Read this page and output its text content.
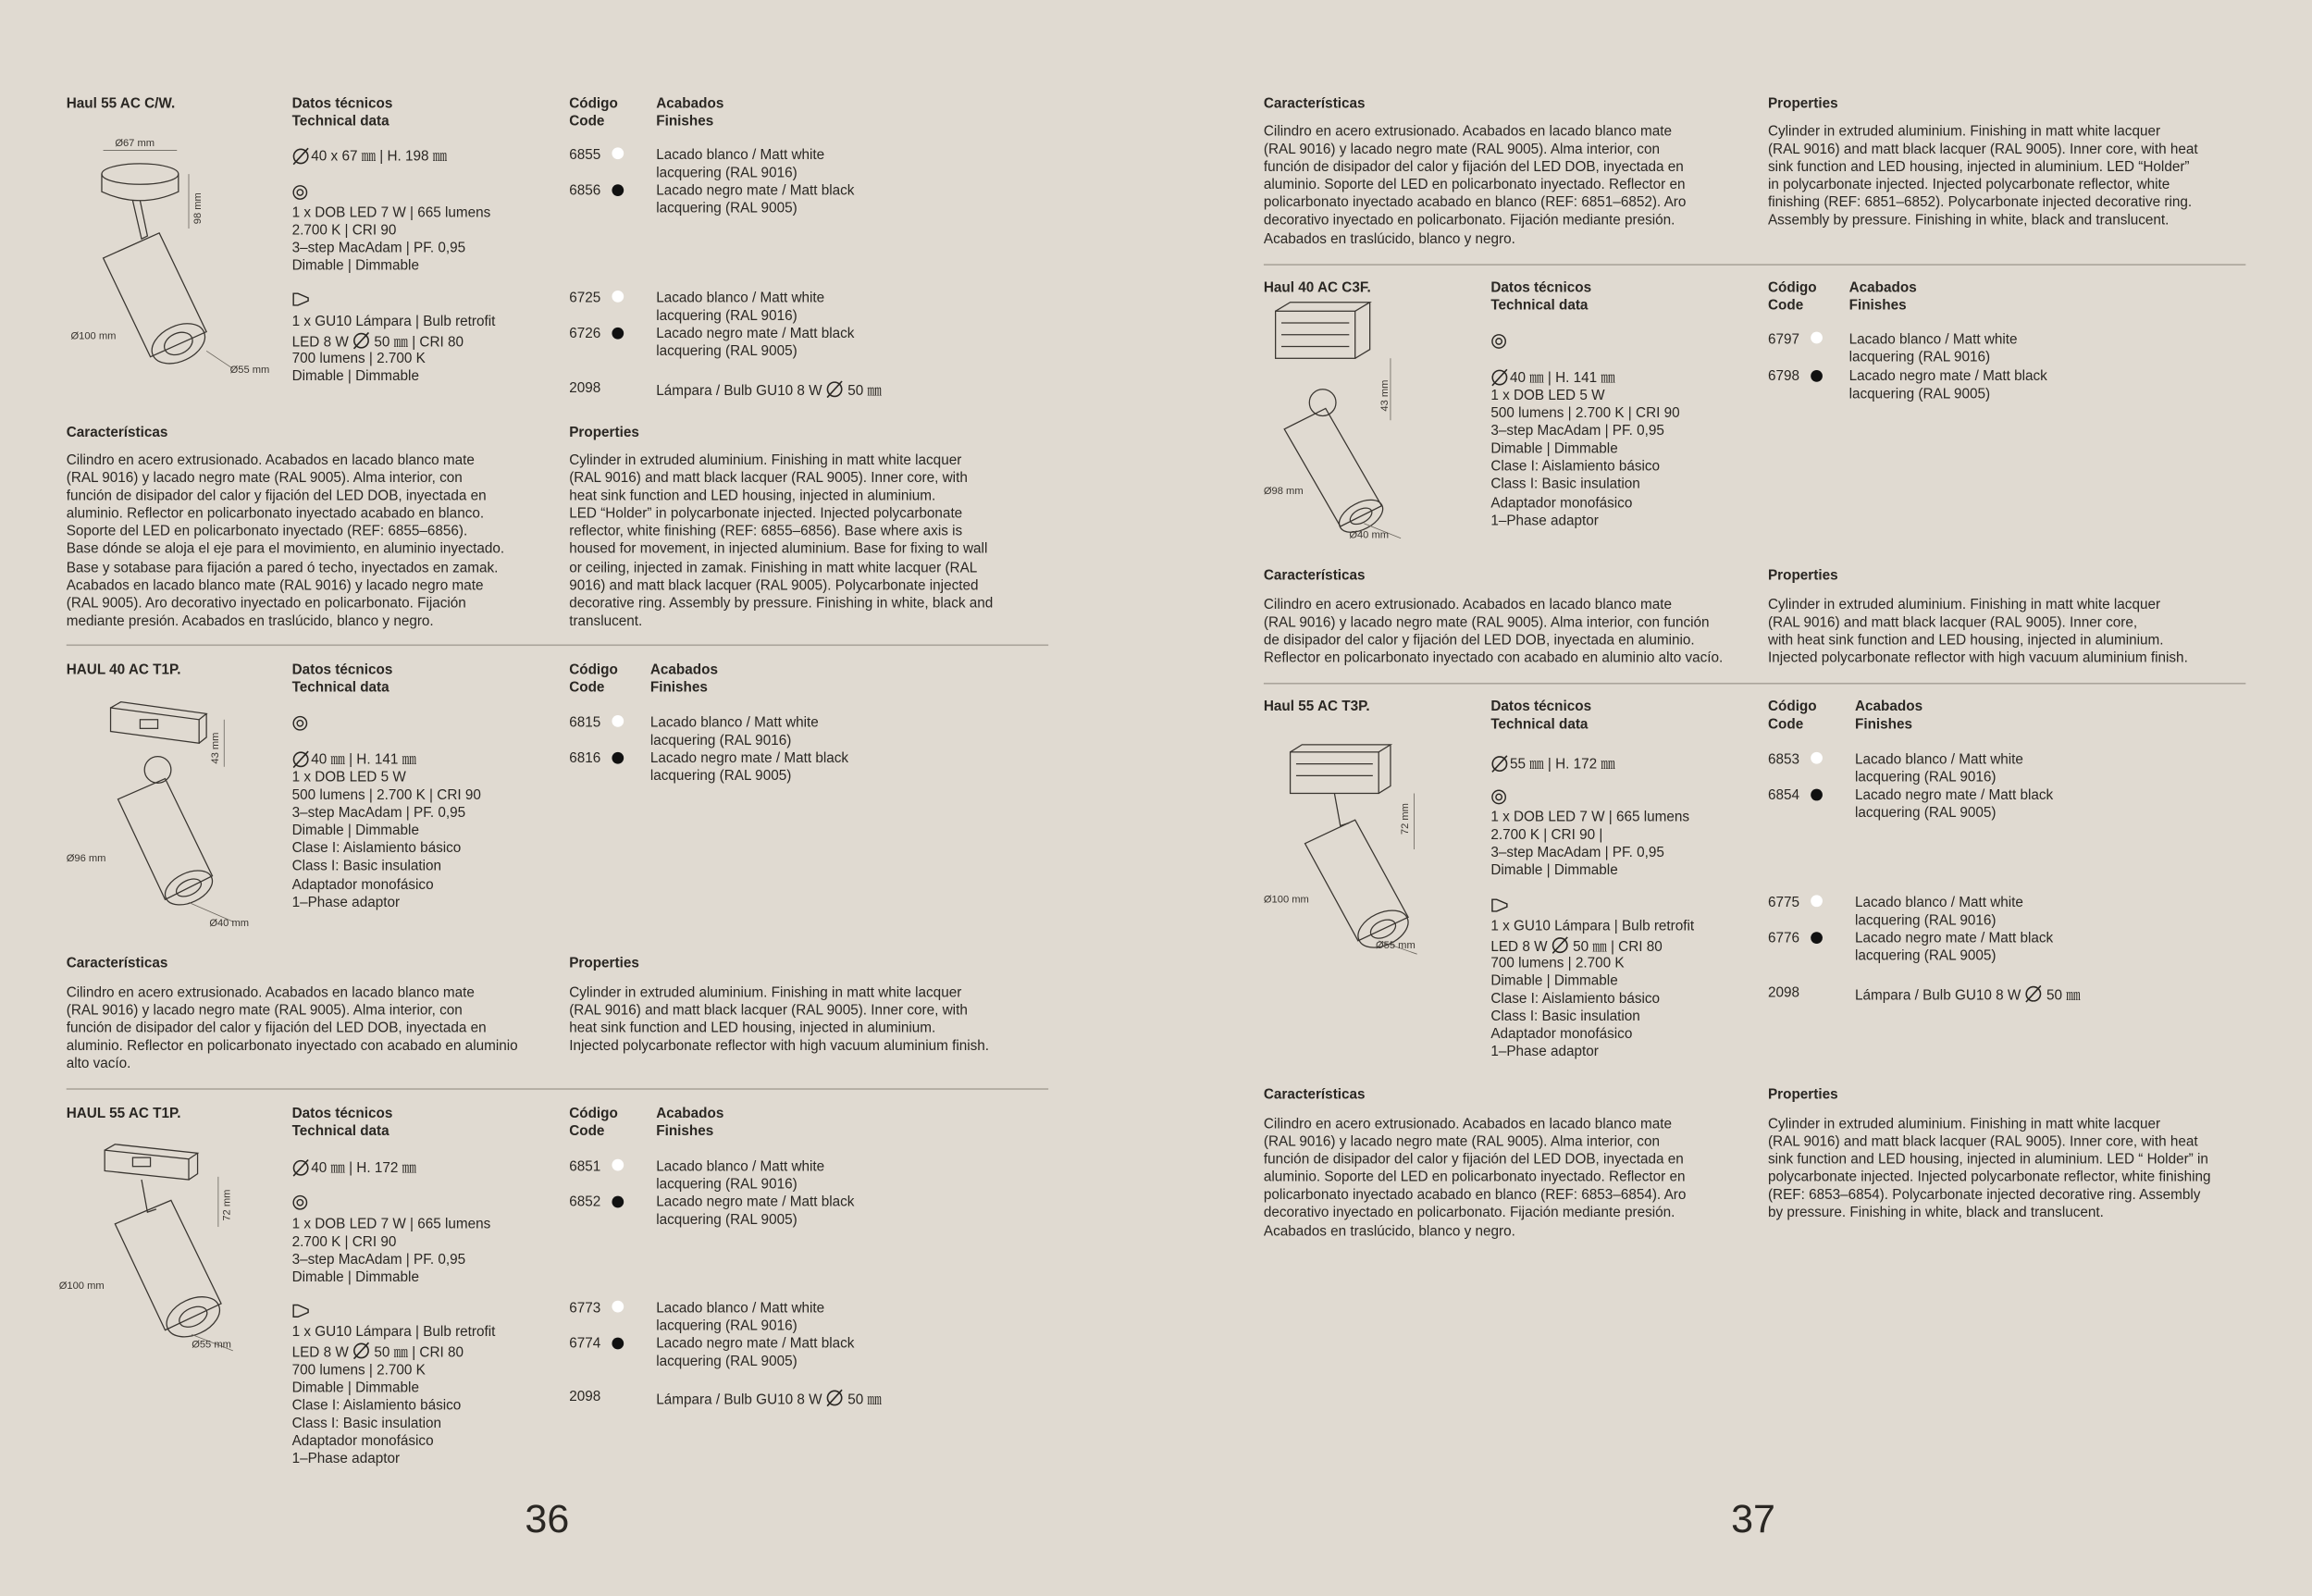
Haul 55 AC C/W.	Datos técnicos
Technical data
Código
Code
Acabados
Finishes
Ø67 mm
98 mm
Ø100 mm
Ø55 mm
40 x 67 ㎜ | H. 198 ㎜
1 x DOB LED 7 W | 665 lumens
2.700 K | CRI 90
3–step MacAdam | PF. 0,95
Dimable | Dimmable
1 x GU10 Lámpara | Bulb retrofit
LED 8 W	50 ㎜ | CRI 80
700 lumens | 2.700 K
Dimable | Dimmable
6855	Lacado blanco / Matt white
lacquering (RAL 9016)
6856	Lacado negro mate / Matt black
lacquering (RAL 9005)
6725	Lacado blanco / Matt white
lacquering (RAL 9016)
6726	Lacado negro mate / Matt black
lacquering (RAL 9005)
2098	Lámpara / Bulb GU10 8 W	50 ㎜
Características	Properties
Cilindro en acero extrusionado. Acabados en lacado blanco mate
(RAL 9016) y lacado negro mate (RAL 9005). Alma interior, con
función de disipador del calor y fijación del LED DOB, inyectada en
aluminio. Reflector en policarbonato inyectado acabado en blanco.
Soporte del LED en policarbonato inyectado (REF: 6855–6856).
Base dónde se aloja el eje para el movimiento, en aluminio inyectado.
Base y sotabase para fijación a pared ó techo, inyectados en zamak.
Acabados en lacado blanco mate (RAL 9016) y lacado negro mate
(RAL 9005). Aro decorativo inyectado en policarbonato. Fijación
mediante presión. Acabados en traslúcido, blanco y negro.
Cylinder in extruded aluminium. Finishing in matt white lacquer
(RAL 9016) and matt black lacquer (RAL 9005). Inner core, with
heat sink function and LED housing, injected in aluminium.
LED “Holder” in polycarbonate injected. Injected polycarbonate
reflector, white finishing (REF: 6855–6856). Base where axis is
housed for movement, in injected aluminium. Base for fixing to wall
or ceiling, injected in zamak. Finishing in matt white lacquer (RAL
9016) and matt black lacquer (RAL 9005). Polycarbonate injected
decorative ring. Assembly by pressure. Finishing in white, black and
translucent.
HAUL 40 AC T1P.	Datos técnicos
Technical data
Código
Code
Acabados
Finishes
43 mm
Ø96 mm
Ø40 mm
40 ㎜ | H. 141 ㎜
1 x DOB LED 5 W
500 lumens | 2.700 K | CRI 90
3–step MacAdam | PF. 0,95
Dimable | Dimmable
Clase I: Aislamiento básico
Class I: Basic insulation
Adaptador monofásico
1–Phase adaptor
6815	Lacado blanco / Matt white
lacquering (RAL 9016)
6816	Lacado negro mate / Matt black
lacquering (RAL 9005)
Características	Properties
Cilindro en acero extrusionado. Acabados en lacado blanco mate
(RAL 9016) y lacado negro mate (RAL 9005). Alma interior, con
función de disipador del calor y fijación del LED DOB, inyectada en
aluminio. Reflector en policarbonato inyectado con acabado en aluminio
alto vacío.
Cylinder in extruded aluminium. Finishing in matt white lacquer
(RAL 9016) and matt black lacquer (RAL 9005). Inner core, with
heat sink function and LED housing, injected in aluminium.
Injected polycarbonate reflector with high vacuum aluminium finish.
HAUL 55 AC T1P.	Datos técnicos
Technical data
Código
Code
Acabados
Finishes
72 mm
Ø100 mm
Ø55 mm
40 ㎜ | H. 172 ㎜
1 x DOB LED 7 W | 665 lumens
2.700 K | CRI 90
3–step MacAdam | PF. 0,95
Dimable | Dimmable
1 x GU10 Lámpara | Bulb retrofit
LED 8 W	50 ㎜ | CRI 80
700 lumens | 2.700 K
Dimable | Dimmable
Clase I: Aislamiento básico
Class I: Basic insulation
Adaptador monofásico
1–Phase adaptor
6851	Lacado blanco / Matt white
lacquering (RAL 9016)
6852	Lacado negro mate / Matt black
lacquering (RAL 9005)
6773	Lacado blanco / Matt white
lacquering (RAL 9016)
6774	Lacado negro mate / Matt black
lacquering (RAL 9005)
2098	Lámpara / Bulb GU10 8 W	50 ㎜
36
Características	Properties
Cilindro en acero extrusionado. Acabados en lacado blanco mate
(RAL 9016) y lacado negro mate (RAL 9005). Alma interior, con
función de disipador del calor y fijación del LED DOB, inyectada en
aluminio. Soporte del LED en policarbonato inyectado. Reflector en
policarbonato inyectado acabado en blanco (REF: 6851–6852). Aro
decorativo inyectado en policarbonato. Fijación mediante presión.
Acabados en traslúcido, blanco y negro.
Cylinder in extruded aluminium. Finishing in matt white lacquer
(RAL 9016) and matt black lacquer (RAL 9005). Inner core, with heat
sink function and LED housing, injected in aluminium. LED “Holder”
in polycarbonate injected. Injected polycarbonate reflector, white
finishing (REF: 6851–6852). Polycarbonate injected decorative ring.
Assembly by pressure. Finishing in white, black and translucent.
Haul 40 AC C3F.	Datos técnicos
Technical data
Código
Code
Acabados
Finishes
43 mm
Ø98 mm
Ø40 mm
40 ㎜ | H. 141 ㎜
1 x DOB LED 5 W
500 lumens | 2.700 K | CRI 90
3–step MacAdam | PF. 0,95
Dimable | Dimmable
Clase I: Aislamiento básico
Class I: Basic insulation
Adaptador monofásico
1–Phase adaptor
6797	Lacado blanco / Matt white
lacquering (RAL 9016)
6798	Lacado negro mate / Matt black
lacquering (RAL 9005)
Características	Properties
Cilindro en acero extrusionado. Acabados en lacado blanco mate
(RAL 9016) y lacado negro mate (RAL 9005). Alma interior, con función
de disipador del calor y fijación del LED DOB, inyectada en aluminio.
Reflector en policarbonato inyectado con acabado en aluminio alto vacío.
Cylinder in extruded aluminium. Finishing in matt white lacquer
(RAL 9016) and matt black lacquer (RAL 9005). Inner core,
with heat sink function and LED housing, injected in aluminium.
Injected polycarbonate reflector with high vacuum aluminium finish.
Haul 55 AC T3P.	Datos técnicos
Technical data
Código
Code
Acabados
Finishes
72 mm
Ø100 mm
Ø55 mm
55 ㎜ | H. 172 ㎜
1 x DOB LED 7 W | 665 lumens
2.700 K | CRI 90 |
3–step MacAdam | PF. 0,95
Dimable | Dimmable
1 x GU10 Lámpara | Bulb retrofit
LED 8 W	50 ㎜ | CRI 80
700 lumens | 2.700 K
Dimable | Dimmable
Clase I: Aislamiento básico
Class I: Basic insulation
Adaptador monofásico
1–Phase adaptor
6853	Lacado blanco / Matt white
lacquering (RAL 9016)
6854	Lacado negro mate / Matt black
lacquering (RAL 9005)
6775	Lacado blanco / Matt white
lacquering (RAL 9016)
6776	Lacado negro mate / Matt black
lacquering (RAL 9005)
2098	Lámpara / Bulb GU10 8 W	50 ㎜
Características	Properties
Cilindro en acero extrusionado. Acabados en lacado blanco mate
(RAL 9016) y lacado negro mate (RAL 9005). Alma interior, con
función de disipador del calor y fijación del LED DOB, inyectada en
aluminio. Soporte del LED en policarbonato inyectado. Reflector en
policarbonato inyectado acabado en blanco (REF: 6853–6854). Aro
decorativo inyectado en policarbonato. Fijación mediante presión.
Acabados en traslúcido, blanco y negro.
Cylinder in extruded aluminium. Finishing in matt white lacquer
(RAL 9016) and matt black lacquer (RAL 9005). Inner core, with heat
sink function and LED housing, injected in aluminium. LED “ Holder” in
polycarbonate injected. Injected polycarbonate reflector, white finishing
(REF: 6853–6854). Polycarbonate injected decorative ring. Assembly
by pressure. Finishing in white, black and translucent.
37
